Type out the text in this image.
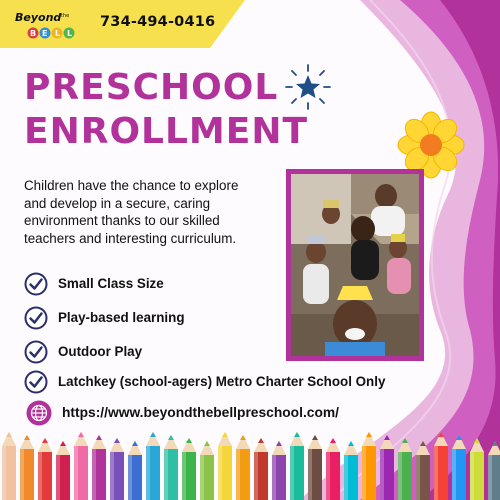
Beyond the
B E L L
734-494-0416
PRESCHOOL
ENROLLMENT
Children have the chance to explore and develop in a secure, caring environment thanks to our skilled teachers and interesting curriculum.
Small Class Size
Play-based learning
Outdoor Play
Latchkey (school-agers) Metro Charter School Only
https://www.beyondthebellpreschool.com/
